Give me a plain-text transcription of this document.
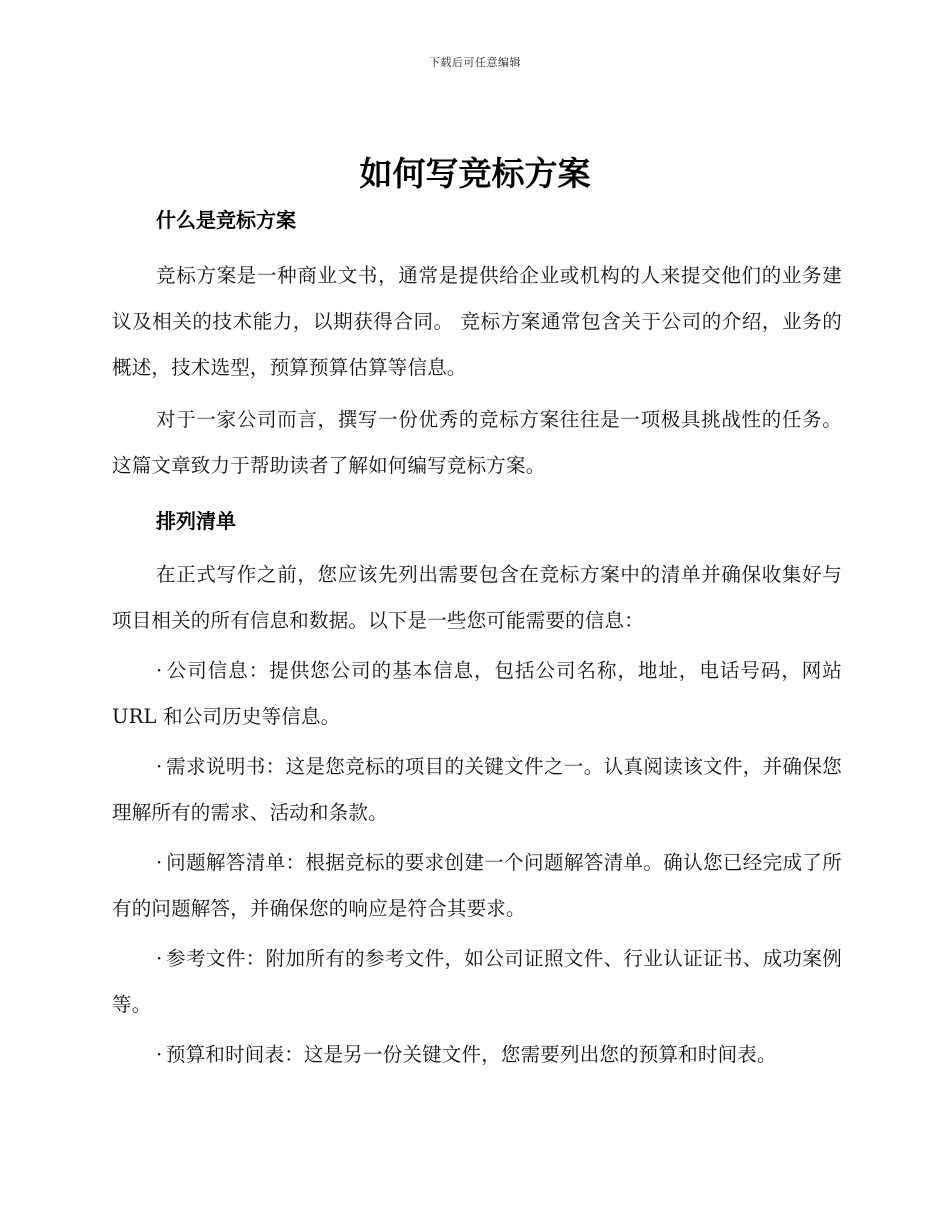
下载后可任意编辑
如何写竞标方案
什么是竞标方案

竞标方案是一种商业文书，通常是提供给企业或机构的人来提交他们的业务建议及相关的技术能力，以期获得合同。 竞标方案通常包含关于公司的介绍，业务的概述，技术选型，预算预算估算等信息。

对于一家公司而言，撰写一份优秀的竞标方案往往是一项极具挑战性的任务。这篇文章致力于帮助读者了解如何编写竞标方案。

排列清单

在正式写作之前，您应该先列出需要包含在竞标方案中的清单并确保收集好与项目相关的所有信息和数据。以下是一些您可能需要的信息：

· 公司信息：提供您公司的基本信息，包括公司名称，地址，电话号码，网站 URL 和公司历史等信息。

· 需求说明书：这是您竞标的项目的关键文件之一。认真阅读该文件，并确保您理解所有的需求、活动和条款。

· 问题解答清单：根据竞标的要求创建一个问题解答清单。确认您已经完成了所有的问题解答，并确保您的响应是符合其要求。

· 参考文件：附加所有的参考文件，如公司证照文件、行业认证证书、成功案例等。

· 预算和时间表：这是另一份关键文件，您需要列出您的预算和时间表。
